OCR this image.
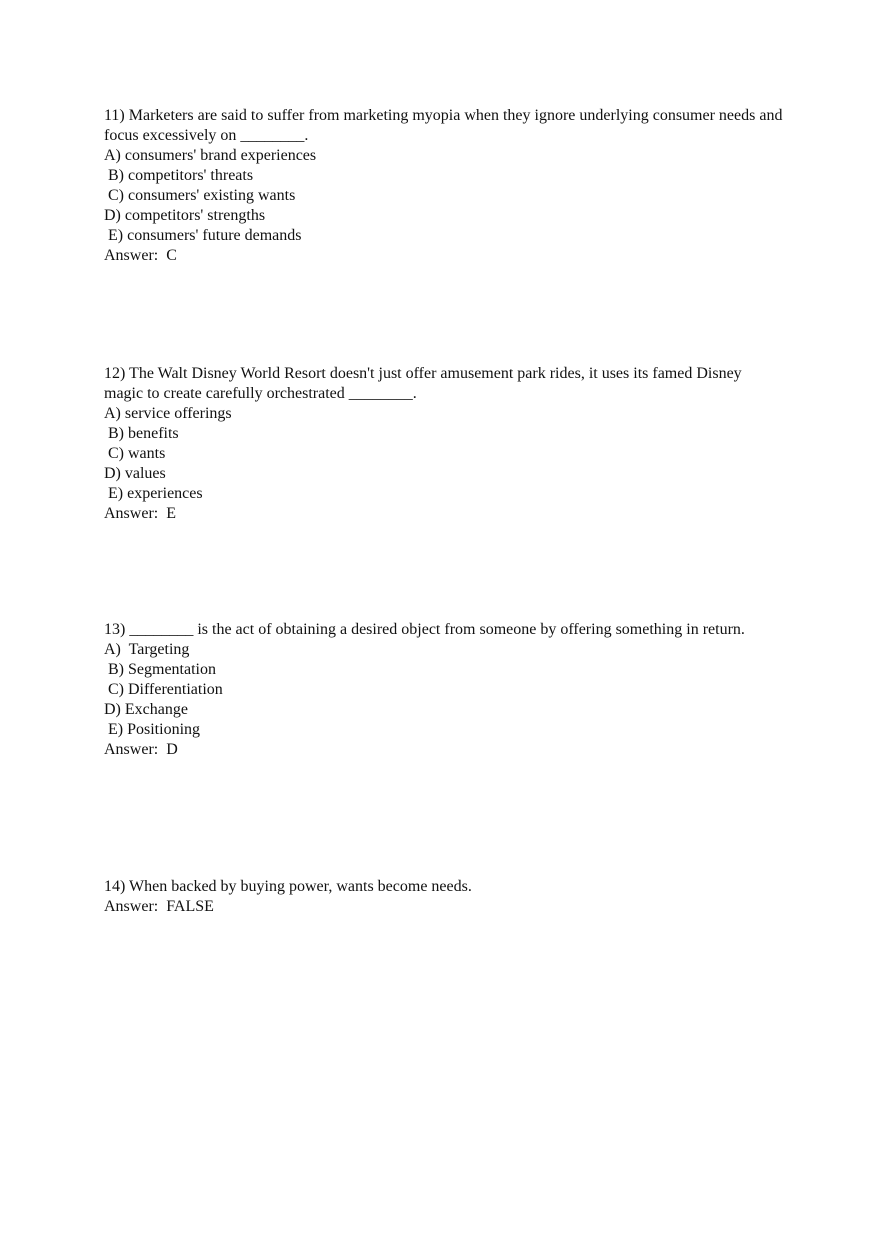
11) Marketers are said to suffer from marketing myopia when they ignore underlying consumer needs and focus excessively on ________.

A) consumers' brand experiences
B) competitors' threats
C) consumers' existing wants
D) competitors' strengths
E) consumers' future demands

Answer:  C

12) The Walt Disney World Resort doesn't just offer amusement park rides, it uses its famed Disney magic to create carefully orchestrated ________.

A) service offerings
B) benefits
C) wants
D) values
E) experiences

Answer:  E

13) ________ is the act of obtaining a desired object from someone by offering something in return.

A)  Targeting
B) Segmentation
C) Differentiation
D) Exchange
E) Positioning

Answer:  D

14) When backed by buying power, wants become needs.

Answer:  FALSE
